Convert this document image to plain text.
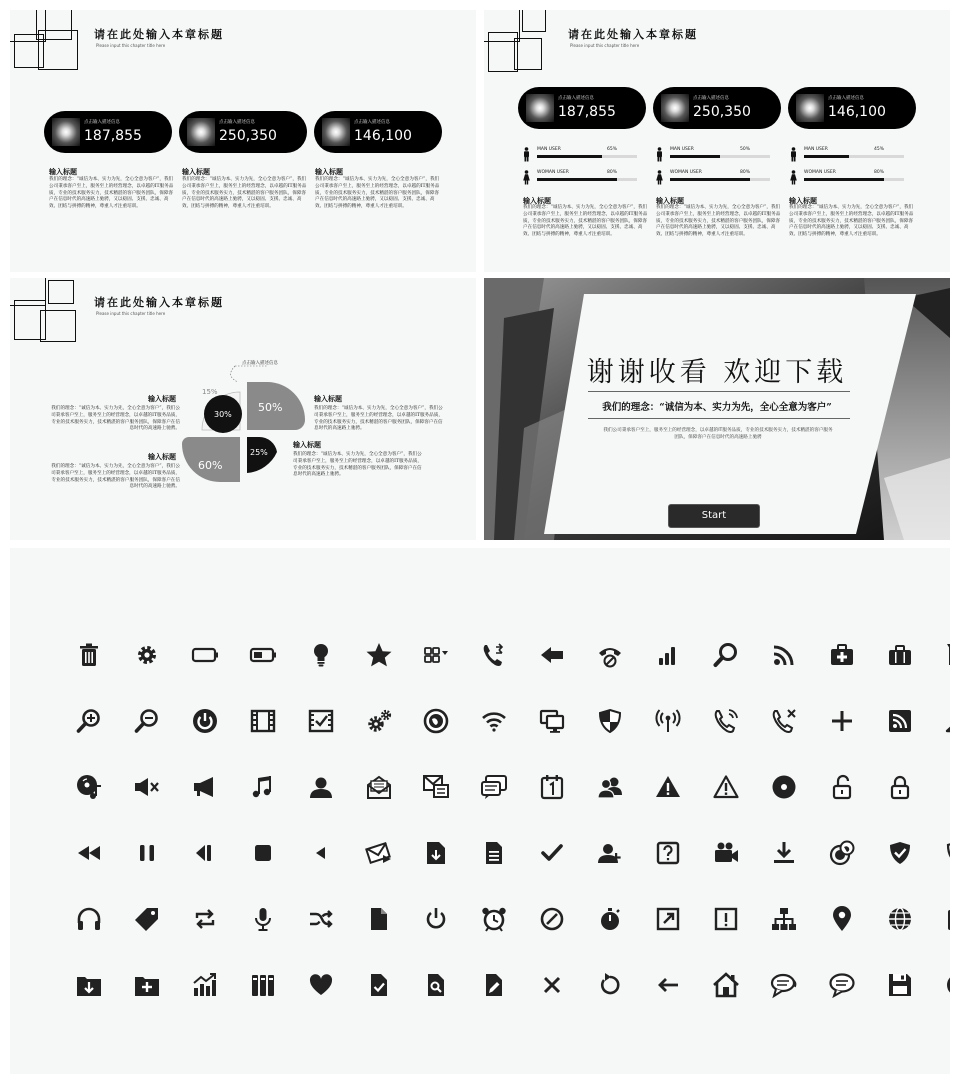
请在此处输入本章标题
Please input this chapter title here
点击输入描述信息
187,855
点击输入描述信息
250,350
点击输入描述信息
146,100
输入标题
我们的理念：“诚信为本、实力为先，全心全意为客户”，我们公司秉承客户至上，服务至上的经营理念，以卓越的IT服务品质，专业的技术服务实力，技术精湛的客户服务团队，保障客户在信息时代的高速路上驰骋，又以稳固、支援、忠诚、高效、团结与拼搏的精神，尊重人才注重培训。
输入标题
我们的理念：“诚信为本、实力为先，全心全意为客户”，我们公司秉承客户至上，服务至上的经营理念，以卓越的IT服务品质，专业的技术服务实力，技术精湛的客户服务团队，保障客户在信息时代的高速路上驰骋，又以稳固、支援、忠诚、高效、团结与拼搏的精神，尊重人才注重培训。
输入标题
我们的理念：“诚信为本、实力为先，全心全意为客户”，我们公司秉承客户至上，服务至上的经营理念，以卓越的IT服务品质，专业的技术服务实力，技术精湛的客户服务团队，保障客户在信息时代的高速路上驰骋，又以稳固、支援、忠诚、高效、团结与拼搏的精神，尊重人才注重培训。
请在此处输入本章标题
Please input this chapter title here
点击输入描述信息
187,855
点击输入描述信息
250,350
点击输入描述信息
146,100
MAN USER	65%
WOMAN USER	80%
MAN USER	50%
WOMAN USER	80%
MAN USER	45%
WOMAN USER	80%
输入标题
我们的理念：“诚信为本、实力为先，全心全意为客户”，我们公司秉承客户至上，服务至上的经营理念，以卓越的IT服务品质，专业的技术服务实力，技术精湛的客户服务团队，保障客户在信息时代的高速路上驰骋，又以稳固、支援、忠诚、高效、团结与拼搏的精神，尊重人才注重培训。
输入标题
我们的理念：“诚信为本、实力为先，全心全意为客户”，我们公司秉承客户至上，服务至上的经营理念，以卓越的IT服务品质，专业的技术服务实力，技术精湛的客户服务团队，保障客户在信息时代的高速路上驰骋，又以稳固、支援、忠诚、高效、团结与拼搏的精神，尊重人才注重培训。
输入标题
我们的理念：“诚信为本、实力为先，全心全意为客户”，我们公司秉承客户至上，服务至上的经营理念，以卓越的IT服务品质，专业的技术服务实力，技术精湛的客户服务团队，保障客户在信息时代的高速路上驰骋，又以稳固、支援、忠诚、高效、团结与拼搏的精神，尊重人才注重培训。
请在此处输入本章标题
Please input this chapter title here
点击输入描述信息
15%
30%
50%
60%
25%
输入标题
我们的理念：“诚信为本、实力为先，全心全意为客户”，我们公司秉承客户至上，服务至上的经营理念，以卓越的IT服务品质，专业的技术服务实力，技术精湛的客户服务团队，保障客户在信息时代的高速路上驰骋。
输入标题
我们的理念：“诚信为本、实力为先，全心全意为客户”，我们公司秉承客户至上，服务至上的经营理念，以卓越的IT服务品质，专业的技术服务实力，技术精湛的客户服务团队，保障客户在信息时代的高速路上驰骋。
输入标题
我们的理念：“诚信为本、实力为先，全心全意为客户”，我们公司秉承客户至上，服务至上的经营理念，以卓越的IT服务品质，专业的技术服务实力，技术精湛的客户服务团队，保障客户在信息时代的高速路上驰骋。
输入标题
我们的理念：“诚信为本、实力为先，全心全意为客户”，我们公司秉承客户至上，服务至上的经营理念，以卓越的IT服务品质，专业的技术服务实力，技术精湛的客户服务团队，保障客户在信息时代的高速路上驰骋。
谢谢收看 欢迎下载
我们的理念：“诚信为本、实力为先，全心全意为客户”
我们公司秉承客户至上，服务至上的经营理念，以卓越的IT服务品质，专业的技术服务实力，技术精湛的客户服务团队，保障客户在信息时代的高速路上驰骋
Start
